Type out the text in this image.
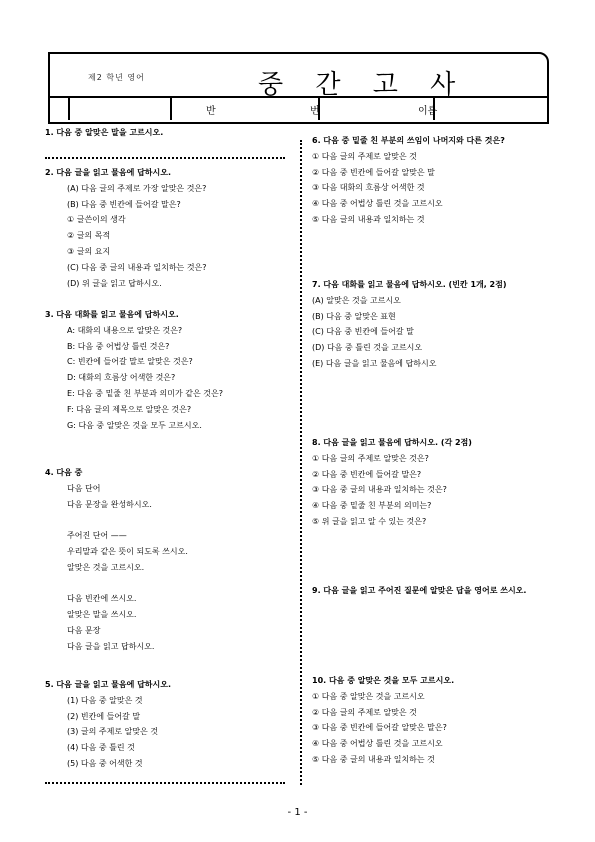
제2 학년 영어	중 간 고 사
반	번	이름

1. 다음 중 알맞은 말을 고르시오.

2. 다음 글을 읽고 물음에 답하시오.

(A) 다음 글의 주제로 가장 알맞은 것은?

(B) 다음 중 빈칸에 들어갈 말은?

① 글쓴이의 생각

② 글의 목적

③ 글의 요지

(C) 다음 중 글의 내용과 일치하는 것은?

(D) 위 글을 읽고 답하시오.

3. 다음 대화를 읽고 물음에 답하시오.

A: 대화의 내용으로 알맞은 것은?

B: 다음 중 어법상 틀린 것은?

C: 빈칸에 들어갈 말로 알맞은 것은?

D: 대화의 흐름상 어색한 것은?

E: 다음 중 밑줄 친 부분과 의미가 같은 것은?

F: 다음 글의 제목으로 알맞은 것은?

G: 다음 중 알맞은 것을 모두 고르시오.

4. 다음 중

다음 단어

다음 문장을 완성하시오.

주어진 단어 ——

우리말과 같은 뜻이 되도록 쓰시오.

알맞은 것을 고르시오.

다음 빈칸에 쓰시오.

알맞은 말을 쓰시오.

다음 문장

다음 글을 읽고 답하시오.

5. 다음 글을 읽고 물음에 답하시오.

(1) 다음 중 알맞은 것

(2) 빈칸에 들어갈 말

(3) 글의 주제로 알맞은 것

(4) 다음 중 틀린 것

(5) 다음 중 어색한 것

6. 다음 중 밑줄 친 부분의 쓰임이 나머지와 다른 것은?

① 다음 글의 주제로 알맞은 것

② 다음 중 빈칸에 들어갈 알맞은 말

③ 다음 대화의 흐름상 어색한 것

④ 다음 중 어법상 틀린 것을 고르시오

⑤ 다음 글의 내용과 일치하는 것

7. 다음 대화를 읽고 물음에 답하시오. (빈칸 1개, 2점)

(A) 알맞은 것을 고르시오

(B) 다음 중 알맞은 표현

(C) 다음 중 빈칸에 들어갈 말

(D) 다음 중 틀린 것을 고르시오

(E) 다음 글을 읽고 물음에 답하시오

8. 다음 글을 읽고 물음에 답하시오. (각 2점)

① 다음 글의 주제로 알맞은 것은?

② 다음 중 빈칸에 들어갈 말은?

③ 다음 중 글의 내용과 일치하는 것은?

④ 다음 중 밑줄 친 부분의 의미는?

⑤ 위 글을 읽고 알 수 있는 것은?

9. 다음 글을 읽고 주어진 질문에 알맞은 답을 영어로 쓰시오.

10. 다음 중 알맞은 것을 모두 고르시오.

① 다음 중 알맞은 것을 고르시오

② 다음 글의 주제로 알맞은 것

③ 다음 중 빈칸에 들어갈 알맞은 말은?

④ 다음 중 어법상 틀린 것을 고르시오

⑤ 다음 중 글의 내용과 일치하는 것

- 1 -
